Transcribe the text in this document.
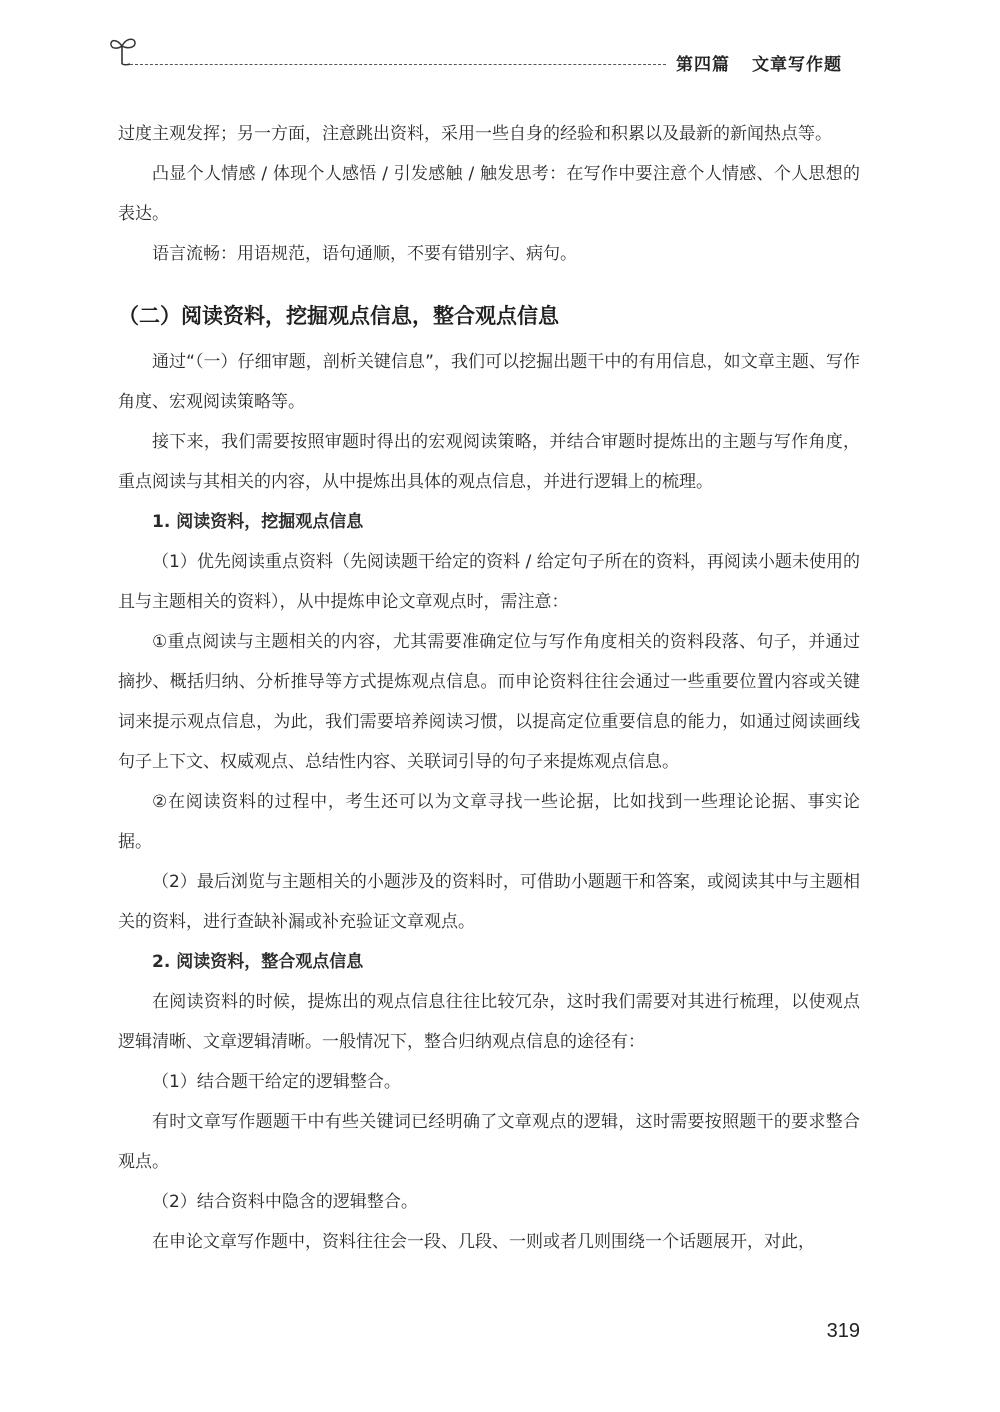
第四篇 文章写作题

过度主观发挥；另一方面，注意跳出资料，采用一些自身的经验和积累以及最新的新闻热点等。

凸显个人情感 / 体现个人感悟 / 引发感触 / 触发思考：在写作中要注意个人情感、个人思想的表达。

语言流畅：用语规范，语句通顺，不要有错别字、病句。

（二）阅读资料，挖掘观点信息，整合观点信息

通过“（一）仔细审题，剖析关键信息”，我们可以挖掘出题干中的有用信息，如文章主题、写作角度、宏观阅读策略等。

接下来，我们需要按照审题时得出的宏观阅读策略，并结合审题时提炼出的主题与写作角度，重点阅读与其相关的内容，从中提炼出具体的观点信息，并进行逻辑上的梳理。

1. 阅读资料，挖掘观点信息

（1）优先阅读重点资料（先阅读题干给定的资料 / 给定句子所在的资料，再阅读小题未使用的且与主题相关的资料），从中提炼申论文章观点时，需注意：

①重点阅读与主题相关的内容，尤其需要准确定位与写作角度相关的资料段落、句子，并通过摘抄、概括归纳、分析推导等方式提炼观点信息。而申论资料往往会通过一些重要位置内容或关键词来提示观点信息，为此，我们需要培养阅读习惯，以提高定位重要信息的能力，如通过阅读画线句子上下文、权威观点、总结性内容、关联词引导的句子来提炼观点信息。

②在阅读资料的过程中，考生还可以为文章寻找一些论据，比如找到一些理论论据、事实论据。

（2）最后浏览与主题相关的小题涉及的资料时，可借助小题题干和答案，或阅读其中与主题相关的资料，进行查缺补漏或补充验证文章观点。

2. 阅读资料，整合观点信息

在阅读资料的时候，提炼出的观点信息往往比较冗杂，这时我们需要对其进行梳理，以使观点逻辑清晰、文章逻辑清晰。一般情况下，整合归纳观点信息的途径有：

（1）结合题干给定的逻辑整合。

有时文章写作题题干中有些关键词已经明确了文章观点的逻辑，这时需要按照题干的要求整合观点。

（2）结合资料中隐含的逻辑整合。

在申论文章写作题中，资料往往会一段、几段、一则或者几则围绕一个话题展开，对此，

319
